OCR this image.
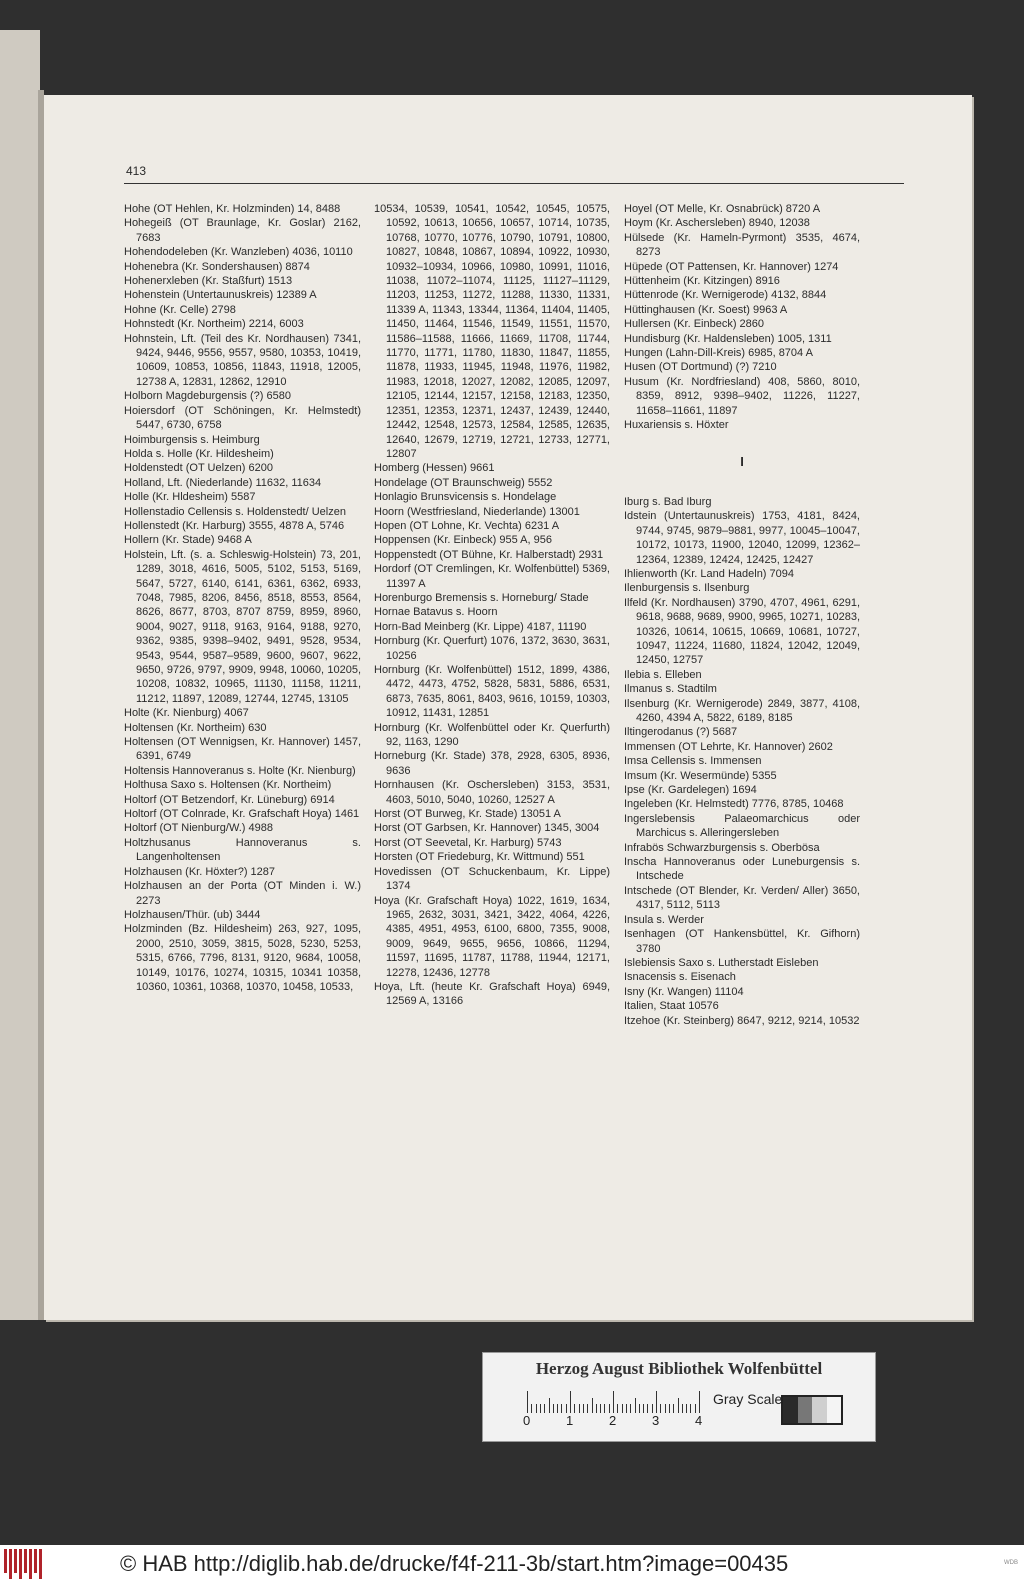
413

Hohe (OT Hehlen, Kr. Holzminden) 14, 8488

Hohegeiß (OT Braunlage, Kr. Goslar) 2162, 7683

Hohendodeleben (Kr. Wanzleben) 4036, 10110

Hohenebra (Kr. Sondershausen) 8874

Hohenerxleben (Kr. Staßfurt) 1513

Hohenstein (Untertaunuskreis) 12389 A

Hohne (Kr. Celle) 2798

Hohnstedt (Kr. Northeim) 2214, 6003

Hohnstein, Lft. (Teil des Kr. Nordhausen) 7341, 9424, 9446, 9556, 9557, 9580, 10353, 10419, 10609, 10853, 10856, 11843, 11918, 12005, 12738 A, 12831, 12862, 12910

Holborn Magdeburgensis (?) 6580

Hoiersdorf (OT Schöningen, Kr. Helmstedt) 5447, 6730, 6758

Hoimburgensis s. Heimburg

Holda s. Holle (Kr. Hildesheim)

Holdenstedt (OT Uelzen) 6200

Holland, Lft. (Niederlande) 11632, 11634

Holle (Kr. Hldesheim) 5587

Hollenstadio Cellensis s. Holdenstedt/ Uelzen

Hollenstedt (Kr. Harburg) 3555, 4878 A, 5746

Hollern (Kr. Stade) 9468 A

Holstein, Lft. (s. a. Schleswig-Holstein) 73, 201, 1289, 3018, 4616, 5005, 5102, 5153, 5169, 5647, 5727, 6140, 6141, 6361, 6362, 6933, 7048, 7985, 8206, 8456, 8518, 8553, 8564, 8626, 8677, 8703, 8707 8759, 8959, 8960, 9004, 9027, 9118, 9163, 9164, 9188, 9270, 9362, 9385, 9398–9402, 9491, 9528, 9534, 9543, 9544, 9587–9589, 9600, 9607, 9622, 9650, 9726, 9797, 9909, 9948, 10060, 10205, 10208, 10832, 10965, 11130, 11158, 11211, 11212, 11897, 12089, 12744, 12745, 13105

Holte (Kr. Nienburg) 4067

Holtensen (Kr. Northeim) 630

Holtensen (OT Wennigsen, Kr. Hannover) 1457, 6391, 6749

Holtensis Hannoveranus s. Holte (Kr. Nienburg)

Holthusa Saxo s. Holtensen (Kr. Northeim)

Holtorf (OT Betzendorf, Kr. Lüneburg) 6914

Holtorf (OT Colnrade, Kr. Grafschaft Hoya) 1461

Holtorf (OT Nienburg/W.) 4988

Holtzhusanus Hannoveranus s. Langenholtensen

Holzhausen (Kr. Höxter?) 1287

Holzhausen an der Porta (OT Minden i. W.) 2273

Holzhausen/Thür. (ub) 3444

Holzminden (Bz. Hildesheim) 263, 927, 1095, 2000, 2510, 3059, 3815, 5028, 5230, 5253, 5315, 6766, 7796, 8131, 9120, 9684, 10058, 10149, 10176, 10274, 10315, 10341 10358, 10360, 10361, 10368, 10370, 10458, 10533,

10534, 10539, 10541, 10542, 10545, 10575, 10592, 10613, 10656, 10657, 10714, 10735, 10768, 10770, 10776, 10790, 10791, 10800, 10827, 10848, 10867, 10894, 10922, 10930, 10932–10934, 10966, 10980, 10991, 11016, 11038, 11072–11074, 11125, 11127–11129, 11203, 11253, 11272, 11288, 11330, 11331, 11339 A, 11343, 13344, 11364, 11404, 11405, 11450, 11464, 11546, 11549, 11551, 11570, 11586–11588, 11666, 11669, 11708, 11744, 11770, 11771, 11780, 11830, 11847, 11855, 11878, 11933, 11945, 11948, 11976, 11982, 11983, 12018, 12027, 12082, 12085, 12097, 12105, 12144, 12157, 12158, 12183, 12350, 12351, 12353, 12371, 12437, 12439, 12440, 12442, 12548, 12573, 12584, 12585, 12635, 12640, 12679, 12719, 12721, 12733, 12771, 12807

Homberg (Hessen) 9661

Hondelage (OT Braunschweig) 5552

Honlagio Brunsvicensis s. Hondelage

Hoorn (Westfriesland, Niederlande) 13001

Hopen (OT Lohne, Kr. Vechta) 6231 A

Hoppensen (Kr. Einbeck) 955 A, 956

Hoppenstedt (OT Bühne, Kr. Halberstadt) 2931

Hordorf (OT Cremlingen, Kr. Wolfenbüttel) 5369, 11397 A

Horenburgo Bremensis s. Horneburg/ Stade

Hornae Batavus s. Hoorn

Horn-Bad Meinberg (Kr. Lippe) 4187, 11190

Hornburg (Kr. Querfurt) 1076, 1372, 3630, 3631, 10256

Hornburg (Kr. Wolfenbüttel) 1512, 1899, 4386, 4472, 4473, 4752, 5828, 5831, 5886, 6531, 6873, 7635, 8061, 8403, 9616, 10159, 10303, 10912, 11431, 12851

Hornburg (Kr. Wolfenbüttel oder Kr. Querfurth) 92, 1163, 1290

Horneburg (Kr. Stade) 378, 2928, 6305, 8936, 9636

Hornhausen (Kr. Oschersleben) 3153, 3531, 4603, 5010, 5040, 10260, 12527 A

Horst (OT Burweg, Kr. Stade) 13051 A

Horst (OT Garbsen, Kr. Hannover) 1345, 3004

Horst (OT Seevetal, Kr. Harburg) 5743

Horsten (OT Friedeburg, Kr. Wittmund) 551

Hovedissen (OT Schuckenbaum, Kr. Lippe) 1374

Hoya (Kr. Grafschaft Hoya) 1022, 1619, 1634, 1965, 2632, 3031, 3421, 3422, 4064, 4226, 4385, 4951, 4953, 6100, 6800, 7355, 9008, 9009, 9649, 9655, 9656, 10866, 11294, 11597, 11695, 11787, 11788, 11944, 12171, 12278, 12436, 12778

Hoya, Lft. (heute Kr. Grafschaft Hoya) 6949, 12569 A, 13166

Hoyel (OT Melle, Kr. Osnabrück) 8720 A

Hoym (Kr. Aschersleben) 8940, 12038

Hülsede (Kr. Hameln-Pyrmont) 3535, 4674, 8273

Hüpede (OT Pattensen, Kr. Hannover) 1274

Hüttenheim (Kr. Kitzingen) 8916

Hüttenrode (Kr. Wernigerode) 4132, 8844

Hüttinghausen (Kr. Soest) 9963 A

Hullersen (Kr. Einbeck) 2860

Hundisburg (Kr. Haldensleben) 1005, 1311

Hungen (Lahn-Dill-Kreis) 6985, 8704 A

Husen (OT Dortmund) (?) 7210

Husum (Kr. Nordfriesland) 408, 5860, 8010, 8359, 8912, 9398–9402, 11226, 11227, 11658–11661, 11897

Huxariensis s. Höxter

I

Iburg s. Bad Iburg

Idstein (Untertaunuskreis) 1753, 4181, 8424, 9744, 9745, 9879–9881, 9977, 10045–10047, 10172, 10173, 11900, 12040, 12099, 12362–12364, 12389, 12424, 12425, 12427

Ihlienworth (Kr. Land Hadeln) 7094

Ilenburgensis s. Ilsenburg

Ilfeld (Kr. Nordhausen) 3790, 4707, 4961, 6291, 9618, 9688, 9689, 9900, 9965, 10271, 10283, 10326, 10614, 10615, 10669, 10681, 10727, 10947, 11224, 11680, 11824, 12042, 12049, 12450, 12757

Ilebia s. Elleben

Ilmanus s. Stadtilm

Ilsenburg (Kr. Wernigerode) 2849, 3877, 4108, 4260, 4394 A, 5822, 6189, 8185

Iltingerodanus (?) 5687

Immensen (OT Lehrte, Kr. Hannover) 2602

Imsa Cellensis s. Immensen

Imsum (Kr. Wesermünde) 5355

Ipse (Kr. Gardelegen) 1694

Ingeleben (Kr. Helmstedt) 7776, 8785, 10468

Ingerslebensis Palaeomarchicus oder Marchicus s. Alleringersleben

Infrabös Schwarzburgensis s. Oberbösa

Inscha Hannoveranus oder Luneburgensis s. Intschede

Intschede (OT Blender, Kr. Verden/ Aller) 3650, 4317, 5112, 5113

Insula s. Werder

Isenhagen (OT Hankensbüttel, Kr. Gifhorn) 3780

Islebiensis Saxo s. Lutherstadt Eisleben

Isnacensis s. Eisenach

Isny (Kr. Wangen) 11104

Italien, Staat 10576

Itzehoe (Kr. Steinberg) 8647, 9212, 9214, 10532

Herzog August Bibliothek Wolfenbüttel
0	1	2	3	4
Gray Scale
© HAB http://diglib.hab.de/drucke/f4f-211-3b/start.htm?image=00435	WDB
